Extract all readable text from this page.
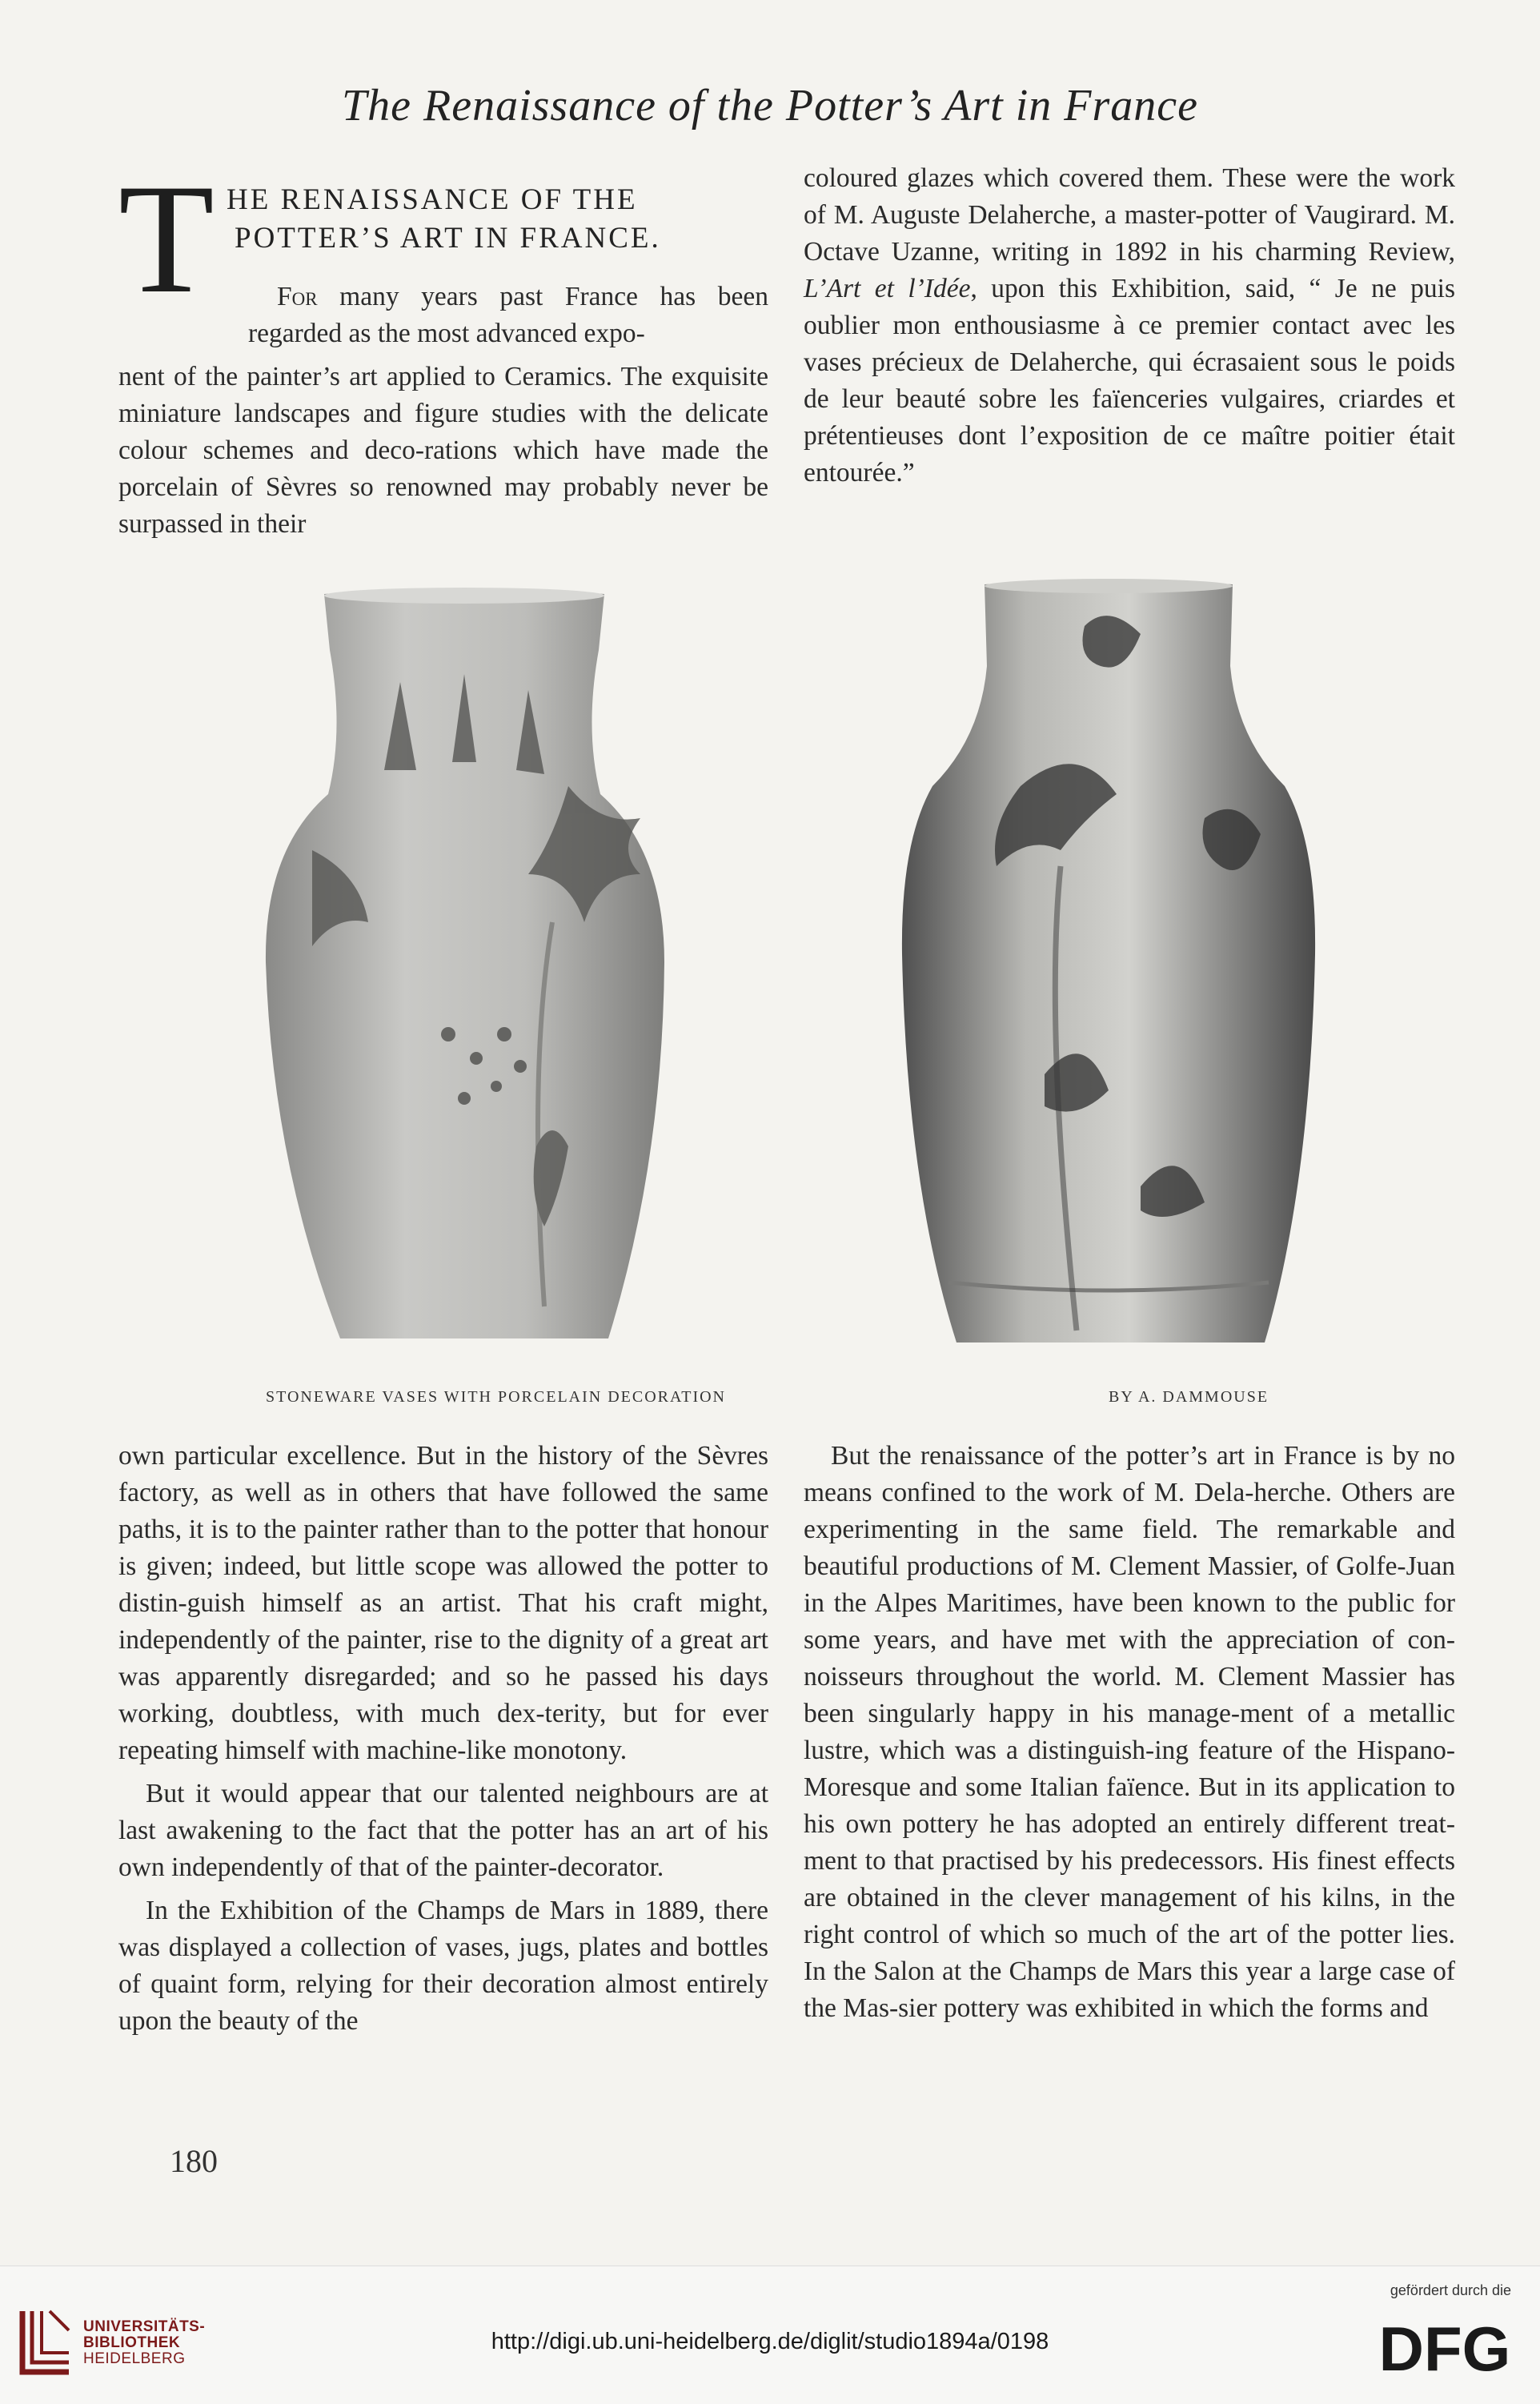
The Renaissance of the Potter’s Art in France
T HE RENAISSANCE OF THE
POTTER’S ART IN FRANCE.
For many years past France has been regarded as the most advanced expo-

nent of the painter’s art applied to Ceramics. The exquisite miniature landscapes and figure studies with the delicate colour schemes and deco-rations which have made the porcelain of Sèvres so renowned may probably never be surpassed in their

coloured glazes which covered them. These were the work of M. Auguste Delaherche, a master-potter of Vaugirard. M. Octave Uzanne, writing in 1892 in his charming Review, L’Art et l’Idée, upon this Exhibition, said, “ Je ne puis oublier mon enthousiasme à ce premier contact avec les vases précieux de Delaherche, qui écrasaient sous le poids de leur beauté sobre les faïenceries vulgaires, criardes et prétentieuses dont l’exposition de ce maître poitier était entourée.”

STONEWARE VASES WITH PORCELAIN DECORATION	BY A. DAMMOUSE

own particular excellence. But in the history of the Sèvres factory, as well as in others that have followed the same paths, it is to the painter rather than to the potter that honour is given; indeed, but little scope was allowed the potter to distin-guish himself as an artist. That his craft might, independently of the painter, rise to the dignity of a great art was apparently disregarded; and so he passed his days working, doubtless, with much dex-terity, but for ever repeating himself with machine-like monotony.

But it would appear that our talented neighbours are at last awakening to the fact that the potter has an art of his own independently of that of the painter-decorator.

In the Exhibition of the Champs de Mars in 1889, there was displayed a collection of vases, jugs, plates and bottles of quaint form, relying for their decoration almost entirely upon the beauty of the

But the renaissance of the potter’s art in France is by no means confined to the work of M. Dela-herche. Others are experimenting in the same field. The remarkable and beautiful productions of M. Clement Massier, of Golfe-Juan in the Alpes Maritimes, have been known to the public for some years, and have met with the appreciation of con-noisseurs throughout the world. M. Clement Massier has been singularly happy in his manage-ment of a metallic lustre, which was a distinguish-ing feature of the Hispano-Moresque and some Italian faïence. But in its application to his own pottery he has adopted an entirely different treat-ment to that practised by his predecessors. His finest effects are obtained in the clever management of his kilns, in the right control of which so much of the art of the potter lies. In the Salon at the Champs de Mars this year a large case of the Mas-sier pottery was exhibited in which the forms and

180
UNIVERSITÄTS-
BIBLIOTHEK
HEIDELBERG
http://digi.ub.uni-heidelberg.de/diglit/studio1894a/0198
gefördert durch die
DFG
